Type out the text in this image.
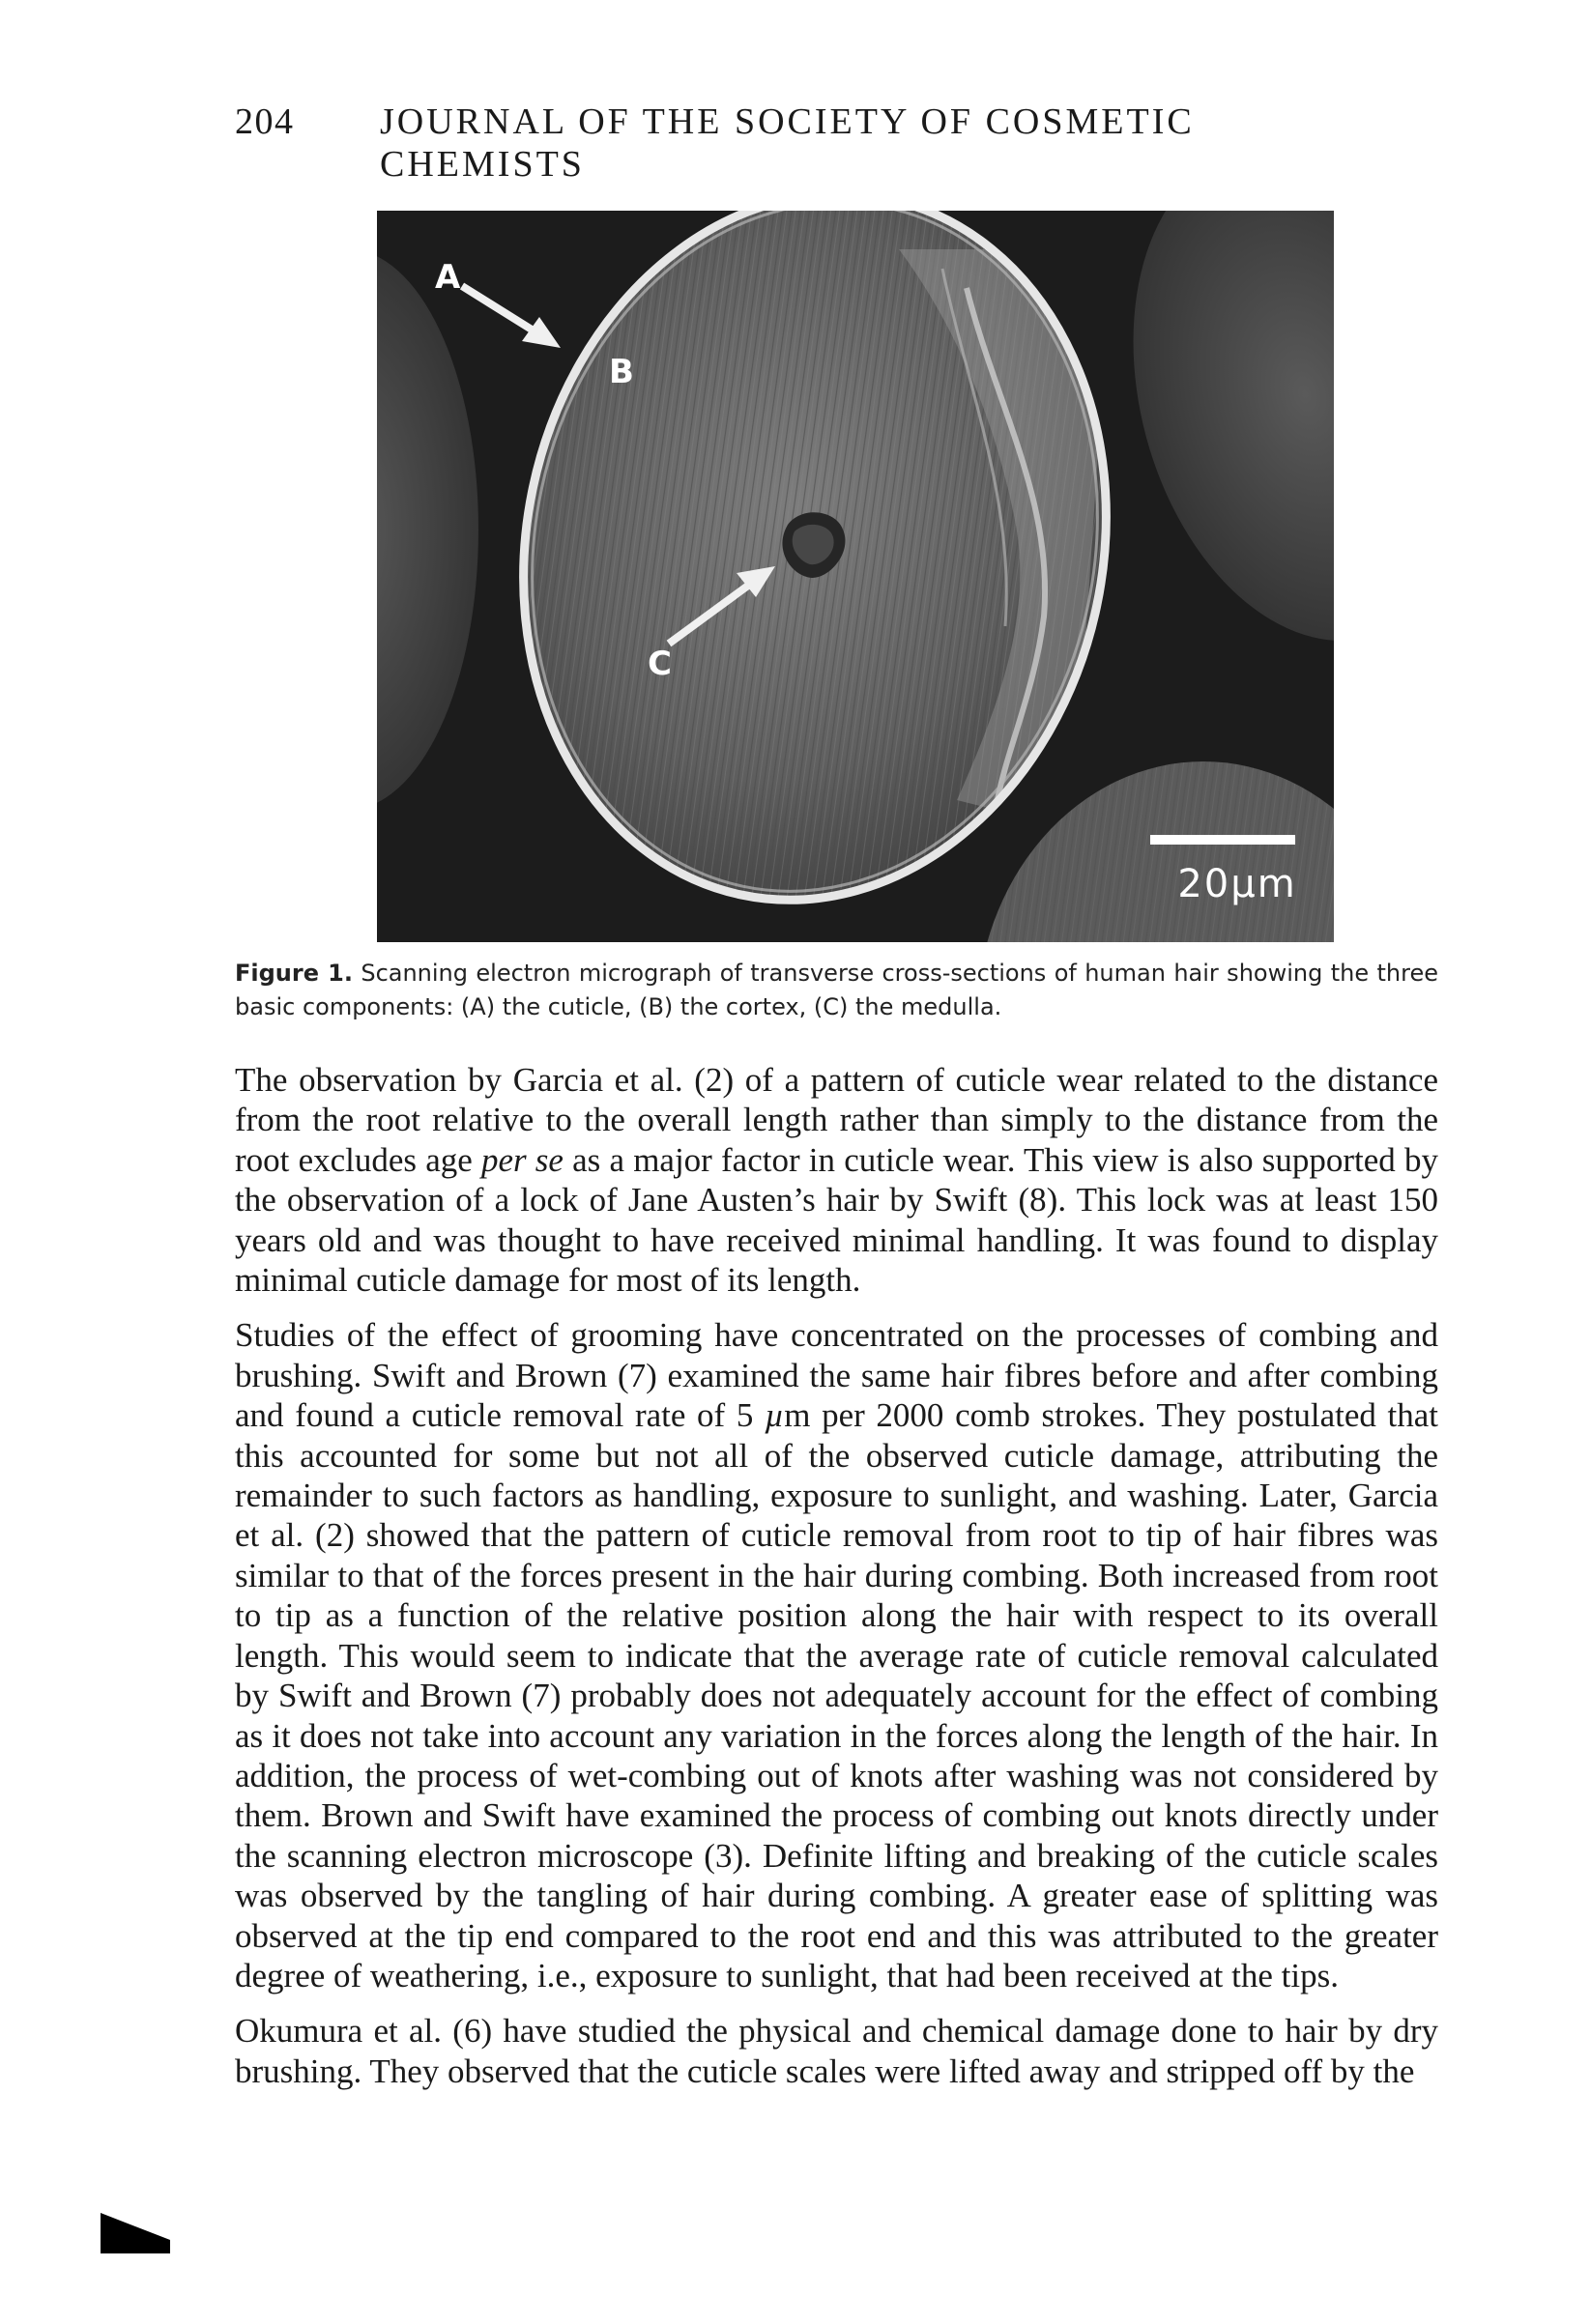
204 JOURNAL OF THE SOCIETY OF COSMETIC CHEMISTS
A
B
C
20µm
Figure 1. Scanning electron micrograph of transverse cross-sections of human hair showing the three basic components: (A) the cuticle, (B) the cortex, (C) the medulla.

The observation by Garcia et al. (2) of a pattern of cuticle wear related to the distance from the root relative to the overall length rather than simply to the distance from the root excludes age per se as a major factor in cuticle wear. This view is also supported by the observation of a lock of Jane Austen’s hair by Swift (8). This lock was at least 150 years old and was thought to have received minimal handling. It was found to display minimal cuticle damage for most of its length.

Studies of the effect of grooming have concentrated on the processes of combing and brushing. Swift and Brown (7) examined the same hair fibres before and after combing and found a cuticle removal rate of 5 µm per 2000 comb strokes. They postulated that this accounted for some but not all of the observed cuticle damage, attributing the remainder to such factors as handling, exposure to sunlight, and washing. Later, Garcia et al. (2) showed that the pattern of cuticle removal from root to tip of hair fibres was similar to that of the forces present in the hair during combing. Both increased from root to tip as a function of the relative position along the hair with respect to its overall length. This would seem to indicate that the average rate of cuticle removal calculated by Swift and Brown (7) probably does not adequately account for the effect of combing as it does not take into account any variation in the forces along the length of the hair. In addition, the process of wet-combing out of knots after washing was not considered by them. Brown and Swift have examined the process of combing out knots directly under the scanning electron microscope (3). Definite lifting and breaking of the cuticle scales was observed by the tangling of hair during combing. A greater ease of splitting was observed at the tip end compared to the root end and this was attributed to the greater degree of weathering, i.e., exposure to sunlight, that had been received at the tips.

Okumura et al. (6) have studied the physical and chemical damage done to hair by dry brushing. They observed that the cuticle scales were lifted away and stripped off by the
